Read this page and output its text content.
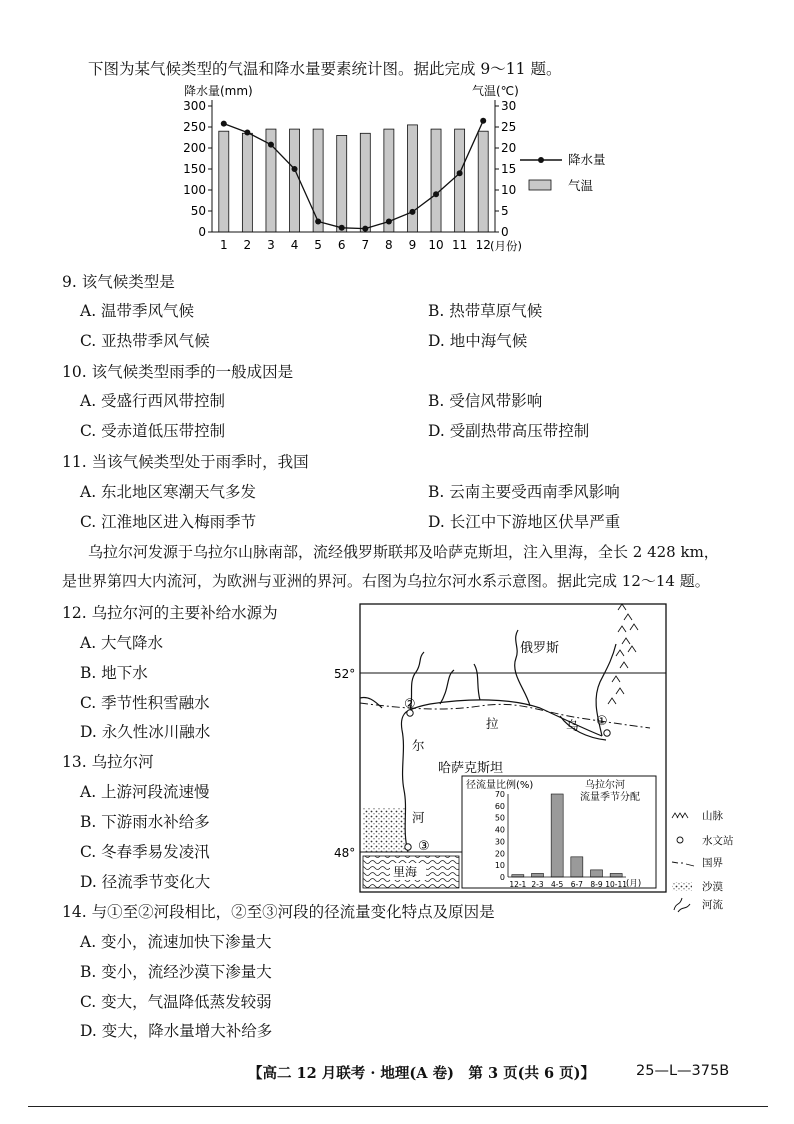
下图为某气候类型的气温和降水量要素统计图。据此完成 9～11 题。
降水量(mm)	气温(℃)
300
250
200
150
100
50
0
30
25
20
15
10
5
0
1 2 3 4 5 6 7 8 9 10 11 12 (月份)
降水量
气温
9. 该气候类型是
A. 温带季风气候	B. 热带草原气候
C. 亚热带季风气候	D. 地中海气候
10. 该气候类型雨季的一般成因是
A. 受盛行西风带控制	B. 受信风带影响
C. 受赤道低压带控制	D. 受副热带高压带控制
11. 当该气候类型处于雨季时，我国
A. 东北地区寒潮天气多发	B. 云南主要受西南季风影响
C. 江淮地区进入梅雨季节	D. 长江中下游地区伏旱严重
乌拉尔河发源于乌拉尔山脉南部，流经俄罗斯联邦及哈萨克斯坦，注入里海，全长 2 428 km，
是世界第四大内流河，为欧洲与亚洲的界河。右图为乌拉尔河水系示意图。据此完成 12～14 题。
12. 乌拉尔河的主要补给水源为
A. 大气降水
B. 地下水
C. 季节性积雪融水
D. 永久性冰川融水
13. 乌拉尔河
A. 上游河段流速慢
B. 下游雨水补给多
C. 冬春季易发凌汛
D. 径流季节变化大
14. 与①至②河段相比，②至③河段的径流量变化特点及原因是
A. 变小，流速加快下渗量大
B. 变小，流经沙漠下渗量大
C. 变大，气温降低蒸发较弱
D. 变大，降水量增大补给多
52°
48°
里海
俄罗斯
哈萨克斯坦
乌
拉
尔
河
①
②
③
径流量比例(%)	乌拉尔河
流量季节分配
70
60
50
40
30
20
10
0
12-1 2-3 4-5 6-7 8-9 10-11
(月)
山脉
水文站
国界
沙漠
河流
【高二 12 月联考 · 地理(A 卷)　第 3 页(共 6 页)】	25—L—375B
